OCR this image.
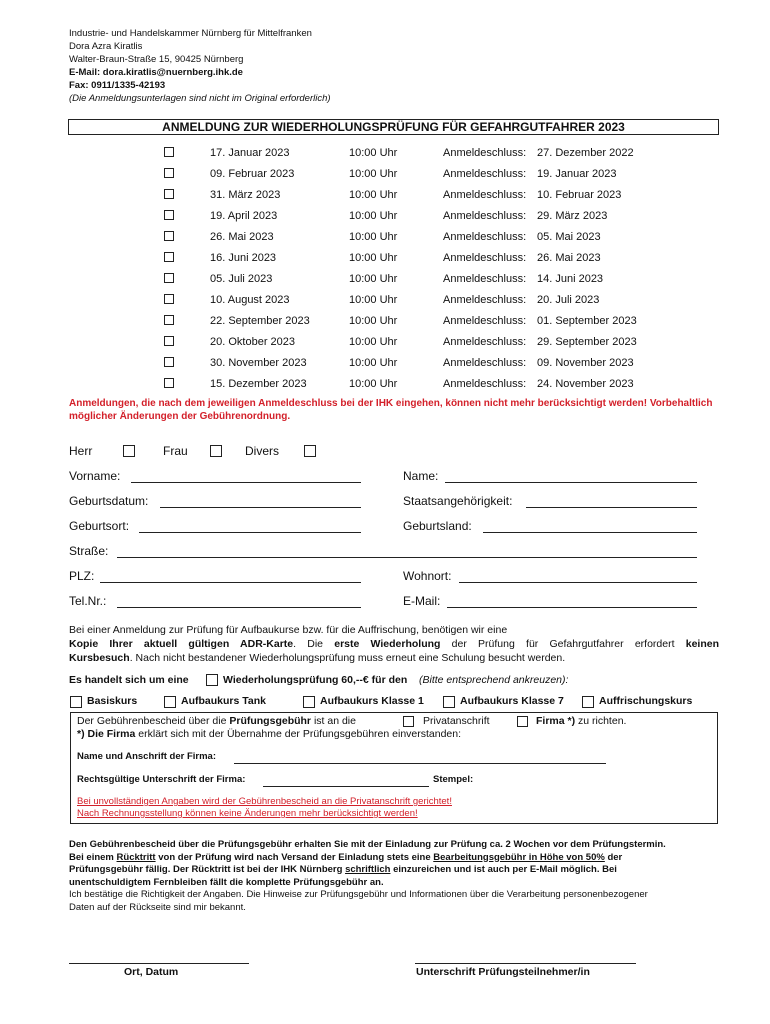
Industrie- und Handelskammer Nürnberg für Mittelfranken
Dora Azra Kiratlis
Walter-Braun-Straße 15, 90425 Nürnberg
E-Mail: dora.kiratlis@nuernberg.ihk.de
Fax: 0911/1335-42193
(Die Anmeldungsunterlagen sind nicht im Original erforderlich)
ANMELDUNG ZUR WIEDERHOLUNGSPRÜFUNG FÜR GEFAHRGUTFAHRER 2023
17. Januar 2023	10:00 Uhr	Anmeldeschluss: 27. Dezember 2022
09. Februar 2023	10:00 Uhr	Anmeldeschluss: 19. Januar 2023
31. März 2023	10:00 Uhr	Anmeldeschluss: 10. Februar 2023
19. April 2023	10:00 Uhr	Anmeldeschluss: 29. März 2023
26. Mai 2023	10:00 Uhr	Anmeldeschluss: 05. Mai 2023
16. Juni 2023	10:00 Uhr	Anmeldeschluss: 26. Mai 2023
05. Juli 2023	10:00 Uhr	Anmeldeschluss: 14. Juni 2023
10. August 2023	10:00 Uhr	Anmeldeschluss: 20. Juli 2023
22. September 2023	10:00 Uhr	Anmeldeschluss: 01. September 2023
20. Oktober 2023	10:00 Uhr	Anmeldeschluss: 29. September 2023
30. November 2023	10:00 Uhr	Anmeldeschluss: 09. November 2023
15. Dezember 2023	10:00 Uhr	Anmeldeschluss: 24. November 2023
Anmeldungen, die nach dem jeweiligen Anmeldeschluss bei der IHK eingehen, können nicht mehr berücksichtigt werden! Vorbehaltlich möglicher Änderungen der Gebührenordnung.
Herr	Frau	Divers
Vorname:	Name:
Geburtsdatum:	Staatsangehörigkeit:
Geburtsort:	Geburtsland:
Straße:
PLZ:	Wohnort:
Tel.Nr.:	E-Mail:
Bei einer Anmeldung zur Prüfung für Aufbaukurse bzw. für die Auffrischung, benötigen wir eine
Kopie Ihrer aktuell gültigen ADR-Karte. Die erste Wiederholung der Prüfung für Gefahrgutfahrer erfordert keinen
Kursbesuch. Nach nicht bestandener Wiederholungsprüfung muss erneut eine Schulung besucht werden.
Es handelt sich um eine	Wiederholungsprüfung 60,--€ für den (Bitte entsprechend ankreuzen):
Basiskurs	Aufbaukurs Tank	Aufbaukurs Klasse 1	Aufbaukurs Klasse 7	Auffrischungskurs
Der Gebührenbescheid über die Prüfungsgebühr ist an die	Privatanschrift	Firma *) zu richten.
*) Die Firma erklärt sich mit der Übernahme der Prüfungsgebühren einverstanden:
Name und Anschrift der Firma:
Rechtsgültige Unterschrift der Firma:	Stempel:
Bei unvollständigen Angaben wird der Gebührenbescheid an die Privatanschrift gerichtet!
Nach Rechnungsstellung können keine Änderungen mehr berücksichtigt werden!
Den Gebührenbescheid über die Prüfungsgebühr erhalten Sie mit der Einladung zur Prüfung ca. 2 Wochen vor dem Prüfungstermin.
Bei einem Rücktritt von der Prüfung wird nach Versand der Einladung stets eine Bearbeitungsgebühr in Höhe von 50% der
Prüfungsgebühr fällig. Der Rücktritt ist bei der IHK Nürnberg schriftlich einzureichen und ist auch per E-Mail möglich. Bei
unentschuldigtem Fernbleiben fällt die komplette Prüfungsgebühr an.
Ich bestätige die Richtigkeit der Angaben. Die Hinweise zur Prüfungsgebühr und Informationen über die Verarbeitung personenbezogener
Daten auf der Rückseite sind mir bekannt.
Ort, Datum	Unterschrift Prüfungsteilnehmer/in
